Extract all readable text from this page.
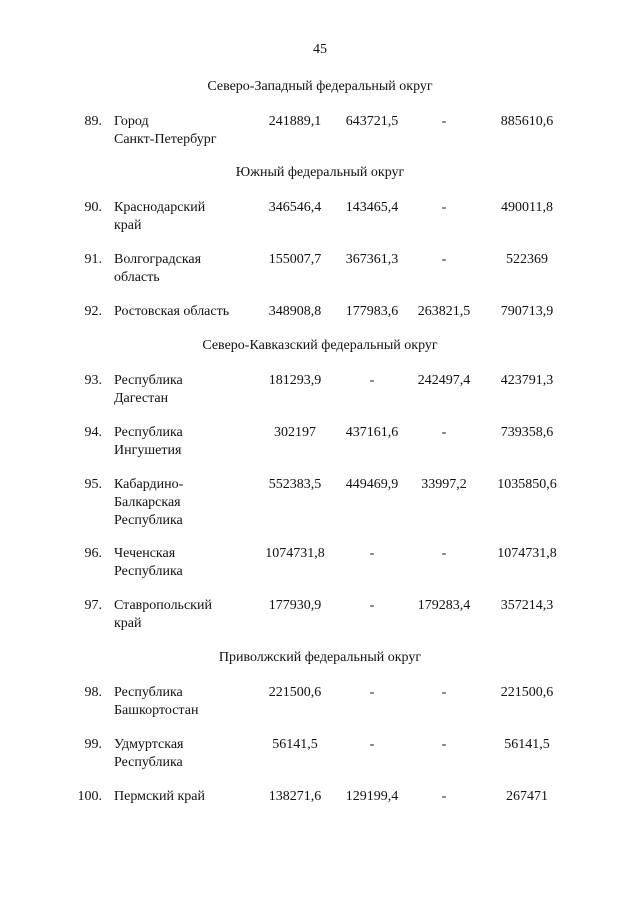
45
Северо-Западный федеральный округ
89. Город
Санкт-Петербург
241889,1	643721,5	-	885610,6
Южный федеральный округ
90. Краснодарский
край
346546,4	143465,4	-	490011,8
91. Волгоградская
область
155007,7	367361,3	-	522369
92. Ростовская область	348908,8	177983,6	263821,5	790713,9
Северо-Кавказский федеральный округ
93. Республика
Дагестан
181293,9	-	242497,4	423791,3
94. Республика
Ингушетия
302197	437161,6	-	739358,6
95. Кабардино-
Балкарская
Республика
552383,5	449469,9	33997,2	1035850,6
96. Чеченская
Республика
1074731,8	-	-	1074731,8
97. Ставропольский
край
177930,9	-	179283,4	357214,3
Приволжский федеральный округ
98. Республика
Башкортостан
221500,6	-	-	221500,6
99. Удмуртская
Республика
56141,5	-	-	56141,5
100. Пермский край	138271,6	129199,4	-	267471
